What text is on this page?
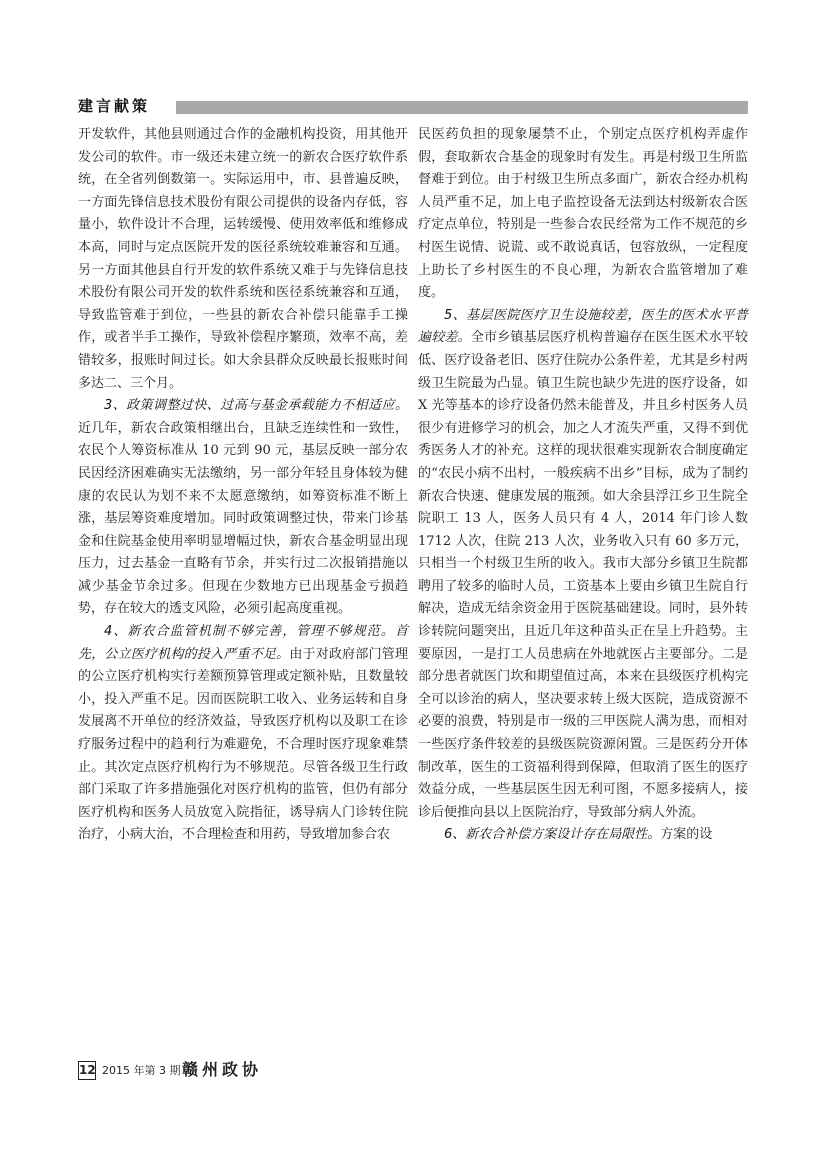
建言献策

开发软件，其他县则通过合作的金融机构投资，用其他开发公司的软件。市一级还未建立统一的新农合医疗软件系统，在全省列倒数第一。实际运用中，市、县普遍反映，一方面先锋信息技术股份有限公司提供的设备内存低，容量小，软件设计不合理，运转缓慢、使用效率低和维修成本高，同时与定点医院开发的医径系统较难兼容和互通。另一方面其他县自行开发的软件系统又难于与先锋信息技术股份有限公司开发的软件系统和医径系统兼容和互通，导致监管难于到位，一些县的新农合补偿只能靠手工操作，或者半手工操作，导致补偿程序繁琐，效率不高，差错较多，报账时间过长。如大余县群众反映最长报账时间多达二、三个月。

3、政策调整过快、过高与基金承载能力不相适应。近几年，新农合政策相继出台，且缺乏连续性和一致性，农民个人筹资标准从 10 元到 90 元，基层反映一部分农民因经济困难确实无法缴纳，另一部分年轻且身体较为健康的农民认为划不来不太愿意缴纳，如筹资标准不断上涨，基层筹资难度增加。同时政策调整过快，带来门诊基金和住院基金使用率明显增幅过快，新农合基金明显出现压力，过去基金一直略有节余，并实行过二次报销措施以减少基金节余过多。但现在少数地方已出现基金亏损趋势，存在较大的透支风险，必须引起高度重视。

4、新农合监管机制不够完善，管理不够规范。首先，公立医疗机构的投入严重不足。由于对政府部门管理的公立医疗机构实行差额预算管理或定额补贴，且数量较小，投入严重不足。因而医院职工收入、业务运转和自身发展离不开单位的经济效益，导致医疗机构以及职工在诊疗服务过程中的趋利行为难避免，不合理时医疗现象难禁止。其次定点医疗机构行为不够规范。尽管各级卫生行政部门采取了许多措施强化对医疗机构的监管，但仍有部分医疗机构和医务人员放宽入院指征，诱导病人门诊转住院治疗，小病大治，不合理检查和用药，导致增加参合农

民医药负担的现象屡禁不止，个别定点医疗机构弄虚作假，套取新农合基金的现象时有发生。再是村级卫生所监督难于到位。由于村级卫生所点多面广，新农合经办机构人员严重不足，加上电子监控设备无法到达村级新农合医疗定点单位，特别是一些参合农民经常为工作不规范的乡村医生说情、说谎、或不敢说真话，包容放纵，一定程度上助长了乡村医生的不良心理，为新农合监管增加了难度。

5、基层医院医疗卫生设施较差，医生的医术水平普遍较差。全市乡镇基层医疗机构普遍存在医生医术水平较低、医疗设备老旧、医疗住院办公条件差，尤其是乡村两级卫生院最为凸显。镇卫生院也缺少先进的医疗设备，如 X 光等基本的诊疗设备仍然未能普及，并且乡村医务人员很少有进修学习的机会，加之人才流失严重，又得不到优秀医务人才的补充。这样的现状很难实现新农合制度确定的“农民小病不出村，一般疾病不出乡”目标，成为了制约新农合快速、健康发展的瓶颈。如大余县浮江乡卫生院全院职工 13 人，医务人员只有 4 人，2014 年门诊人数 1712 人次，住院 213 人次，业务收入只有 60 多万元，只相当一个村级卫生所的收入。我市大部分乡镇卫生院都聘用了较多的临时人员，工资基本上要由乡镇卫生院自行解决，造成无结余资金用于医院基础建设。同时，县外转诊转院问题突出，且近几年这种苗头正在呈上升趋势。主要原因，一是打工人员患病在外地就医占主要部分。二是部分患者就医门坎和期望值过高，本来在县级医疗机构完全可以诊治的病人，坚决要求转上级大医院，造成资源不必要的浪费，特别是市一级的三甲医院人满为患，而相对一些医疗条件较差的县级医院资源闲置。三是医药分开体制改革，医生的工资福利得到保障，但取消了医生的医疗效益分成，一些基层医生因无利可图，不愿多接病人，接诊后便推向县以上医院治疗，导致部分病人外流。

6、新农合补偿方案设计存在局限性。方案的设

12 2015 年第 3 期 赣州政协
